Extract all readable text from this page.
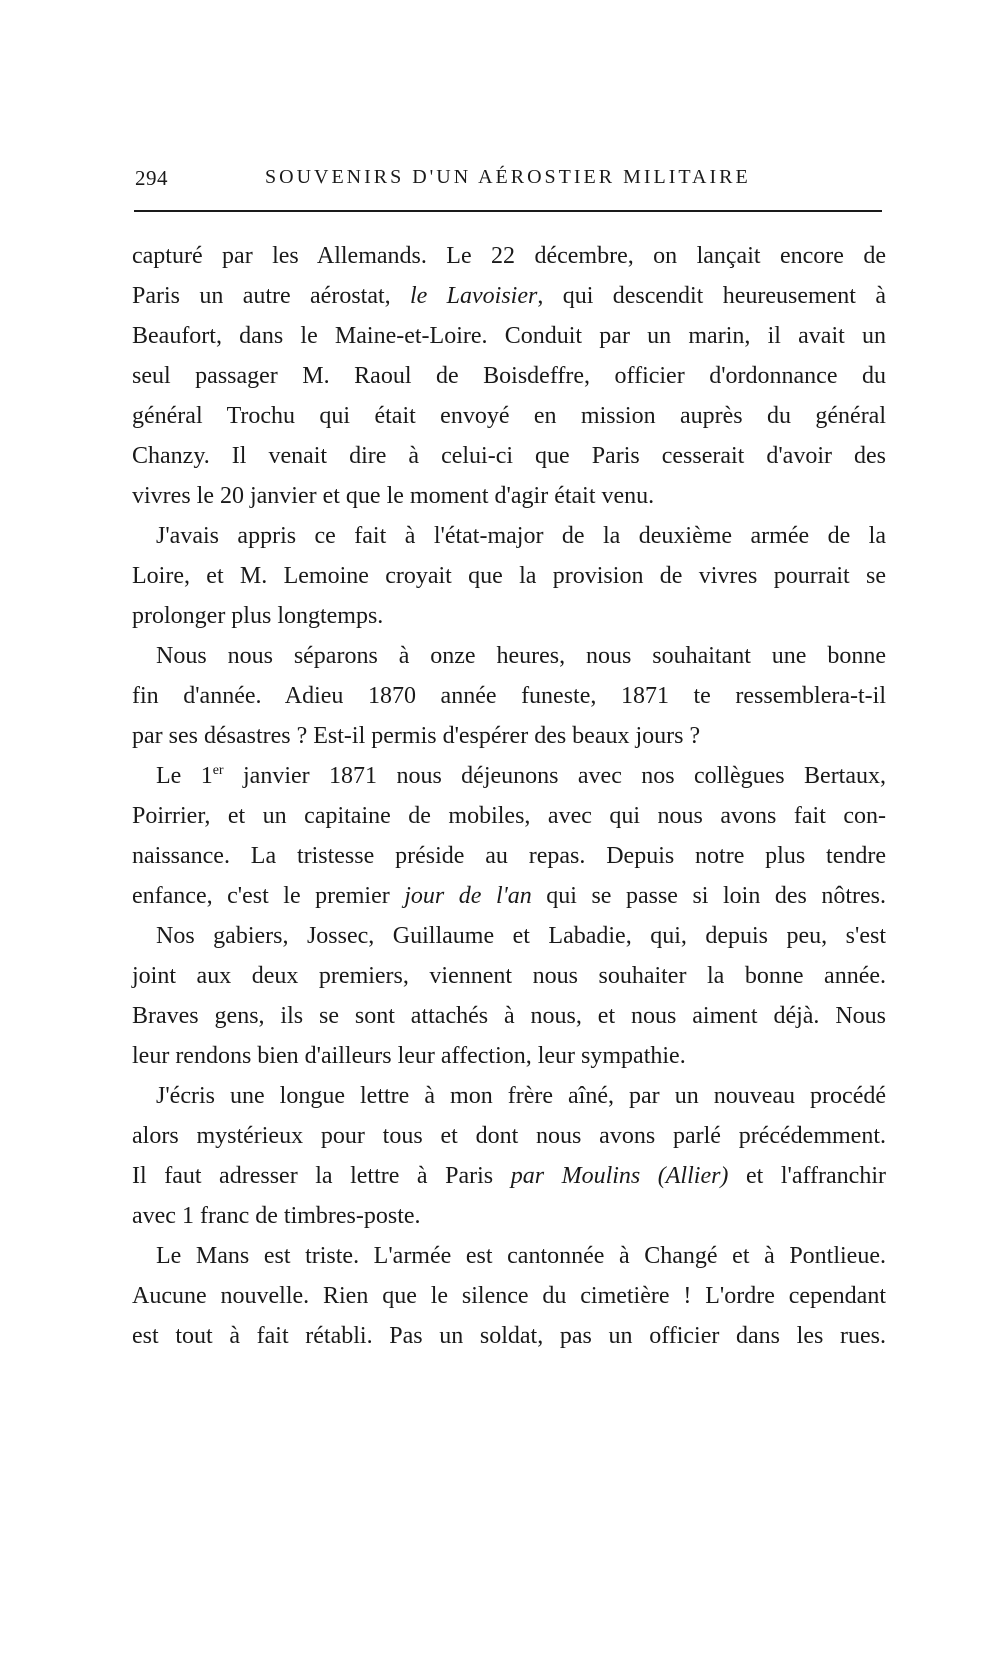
294	SOUVENIRS D'UN AÉROSTIER MILITAIRE
capturé par les Allemands. Le 22 décembre, on lançait encore de
Paris un autre aérostat, le Lavoisier, qui descendit heureusement à
Beaufort, dans le Maine-et-Loire. Conduit par un marin, il avait un
seul passager M. Raoul de Boisdeffre, officier d'ordonnance du
général Trochu qui était envoyé en mission auprès du général
Chanzy. Il venait dire à celui-ci que Paris cesserait d'avoir des
vivres le 20 janvier et que le moment d'agir était venu.
J'avais appris ce fait à l'état-major de la deuxième armée de la
Loire, et M. Lemoine croyait que la provision de vivres pourrait se
prolonger plus longtemps.
Nous nous séparons à onze heures, nous souhaitant une bonne
fin d'année. Adieu 1870 année funeste, 1871 te ressemblera-t-il
par ses désastres ? Est-il permis d'espérer des beaux jours ?
Le 1er janvier 1871 nous déjeunons avec nos collègues Bertaux,
Poirrier, et un capitaine de mobiles, avec qui nous avons fait con-
naissance. La tristesse préside au repas. Depuis notre plus tendre
enfance, c'est le premier jour de l'an qui se passe si loin des nôtres.
Nos gabiers, Jossec, Guillaume et Labadie, qui, depuis peu, s'est
joint aux deux premiers, viennent nous souhaiter la bonne année.
Braves gens, ils se sont attachés à nous, et nous aiment déjà. Nous
leur rendons bien d'ailleurs leur affection, leur sympathie.
J'écris une longue lettre à mon frère aîné, par un nouveau procédé
alors mystérieux pour tous et dont nous avons parlé précédemment.
Il faut adresser la lettre à Paris par Moulins (Allier) et l'affranchir
avec 1 franc de timbres-poste.
Le Mans est triste. L'armée est cantonnée à Changé et à Pontlieue.
Aucune nouvelle. Rien que le silence du cimetière ! L'ordre cependant
est tout à fait rétabli. Pas un soldat, pas un officier dans les rues.
